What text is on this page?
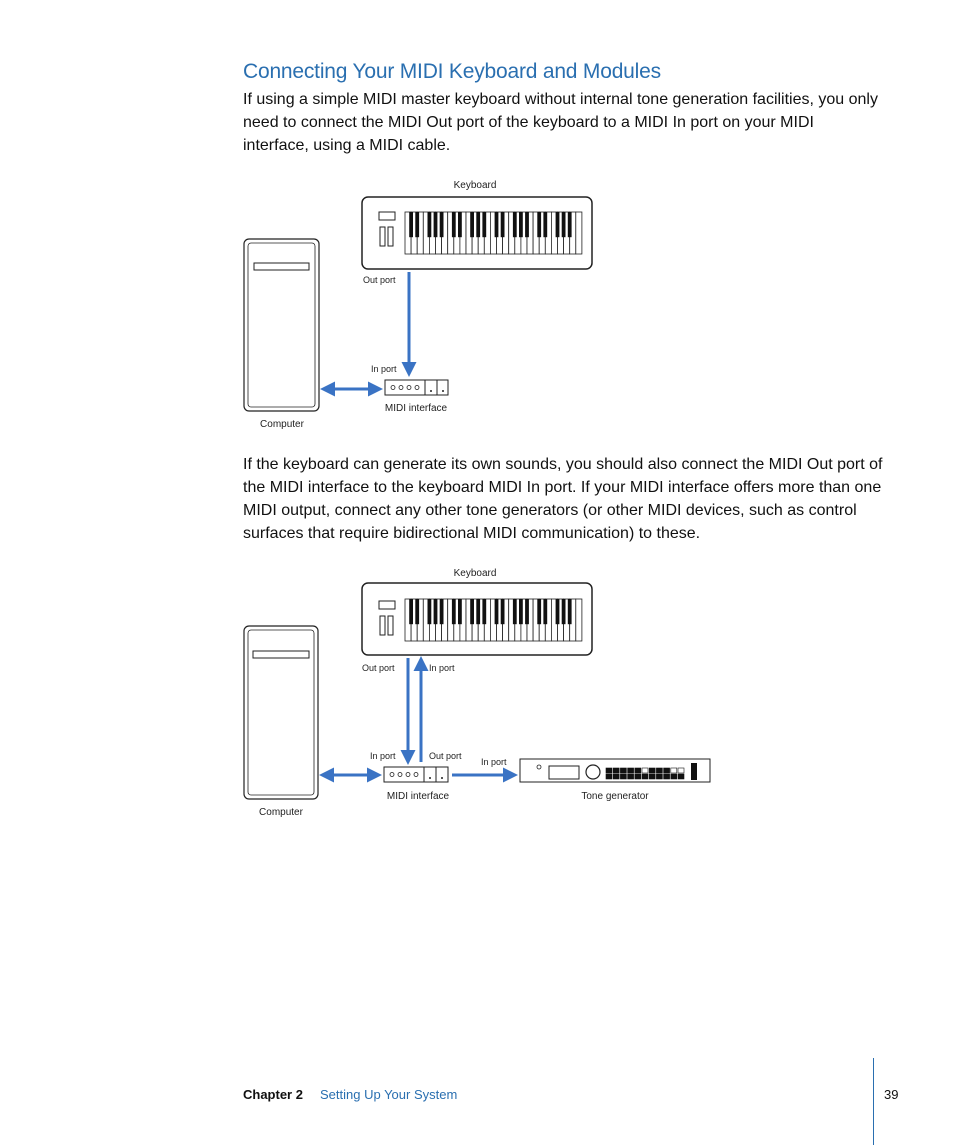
Connecting Your MIDI Keyboard and Modules

If using a simple MIDI master keyboard without internal tone generation facilities, you only need to connect the MIDI Out port of the keyboard to a MIDI In port on your MIDI interface, using a MIDI cable.

Keyboard
Computer
Out port
In port
MIDI interface

If the keyboard can generate its own sounds, you should also connect the MIDI Out port of the MIDI interface to the keyboard MIDI In port. If your MIDI interface offers more than one MIDI output, connect any other tone generators (or other MIDI devices, such as control surfaces that require bidirectional MIDI communication) to these.

Keyboard
Computer
Out port	In port
In port	Out port
In port
MIDI interface	Tone generator
Chapter 2 Setting Up Your System	39
